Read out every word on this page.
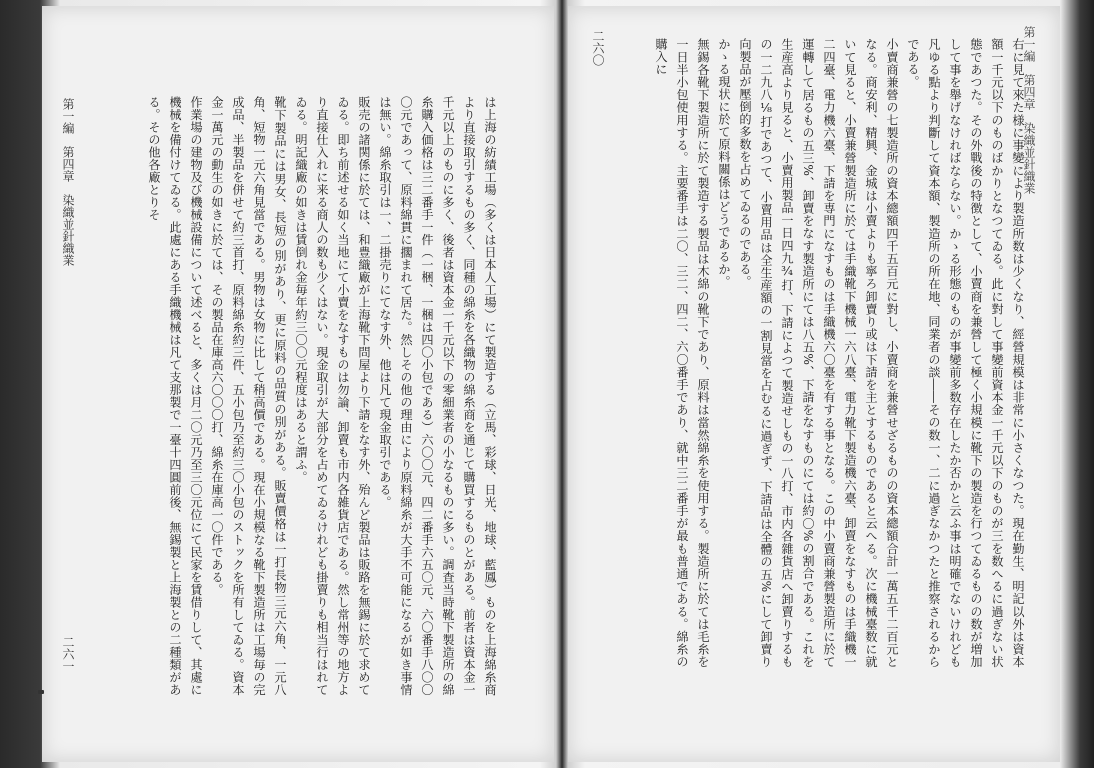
第一編　第四章　染織並針織業
二六一	は上海の紡績工場（多くは日本人工場）にて製造する（立馬、彩球、日光、地球、藍鳳）ものを上海綿糸商より直接取引するもの多く、同種の綿糸を各織物の綿糸商を通じて購買するものとがある。前者は資本金一千元以上のものに多く、後者は資本金一千元以下の零細業者の小なるものに多い。調査当時靴下製造所の綿糸購入価格は三二番手一件（一梱、一梱は四〇小包である）六〇〇元、四二番手六五〇元、六〇番手八〇〇〇元であって、原料綿貫に擱まれて居た。然しその他の理由により原料綿糸が大手不可能になるが如き事情は無い。綿糸取引は一、二掛売りにてなす外、他は凡て現金取引である。
販売の諸関係に於ては、和豊織廠が上海靴下問屋より下請をなす外、殆んど製品は販路を無錫に於て求めてゐる。即ち前述せる如く当地にて小賣をなすものは勿論、卸賣も市内各雑貨店である。然し常州等の地方より直接仕入れに来る商人の数も少くはない。現金取引が大部分を占めてゐるけれども掛賣りも相当行はれてゐる。明記織廠の如きは賃倒れ金毎年約三〇〇元程度はあると謂ふ。
靴下製品には男女、長短の別があり、更に原料の品質の別がある。販賣價格は一打長物三元六角、一元八角、短物一元六角見當である。男物は女物に比して稍高價である。現在小規模なる靴下製造所は工場毎の完成品、半製品を併せて約三首打、原料綿糸約三件、五小包乃至約三〇小包のストックを所有してゐる。資本金一萬元の動生の如きに於ては、その製品在庫高六〇〇〇打、綿糸在庫高一〇件である。
作業場の建物及び機械設備について述べると、多くは月二〇元乃至三〇元位にて民家を賃借りして、其處に機械を備付けてゐる。此處にある手織機械は凡て支那製で一臺十四圓前後、無錫製と上海製との二種類がある。その他各廠とりそ	第一編　第四章　染織並針織業
二六〇	右に見て來た様に事變により製造所数は少くなり、經營規模は非常に小さくなつた。現在勤生、明記以外は資本額一千元以下のものばかりとなつてゐる。此に對して事變前資本金一千元以下のものが三を数へるに過ぎない状態であつた。その外戰後の特徴として、小賣商を兼營して極く小規模に靴下の製造を行つてゐるものの数が増加して事を舉げなければならない。かゝる形態のものが事變前多数存在したか否かと云ふ事は明確でないけれども凡ゆる點より判斷して資本額、製造所の所在地、同業者の談――その数一、二に過ぎなかつたと推察されるからである。
小賣商兼營の七製造所の資本總額四千五百元に對し、小賣商を兼營せざるものの資本總額合計一萬五千二百元となる。商安利、精興、金城は小賣よりも寧ろ卸賣り或は下請を主とするものであると云へる。次に機械臺数に就いて見ると、小賣兼營製造所に於ては手織靴下機械一六八臺、電力靴下製造機六臺、卸賣をなすものは手織機一二四臺、電力機六臺、下請を専門になすものは手織機六〇臺を有する事となる。この中小賣商兼營製造所に於て運轉して居るもの五三%、卸賣をなす製造所にては八五%、下請をなすものにては約〇%の割合である。これを生産高より見ると、小賣用製品一日四九¾打、下請によつて製造せしもの一八打、市内各雜貨店へ卸賣りするもの一二九八⅛打であつて、小賣用品は全生産額の一割見當を占むるに過ぎず、下請品は全體の五%にして卸賣り向製品が壓倒的多数を占めてゐるのである。
かゝる現状に於て原料關係はどうであるか。
無錫各靴下製造所に於て製造する製品は木綿の靴下であり、原料は當然綿糸を使用する。製造所に於ては毛糸を一日半小包使用する。主要番手は二〇、三二、四二、六〇番手であり、就中三二番手が最も普通である。綿糸の購入に
